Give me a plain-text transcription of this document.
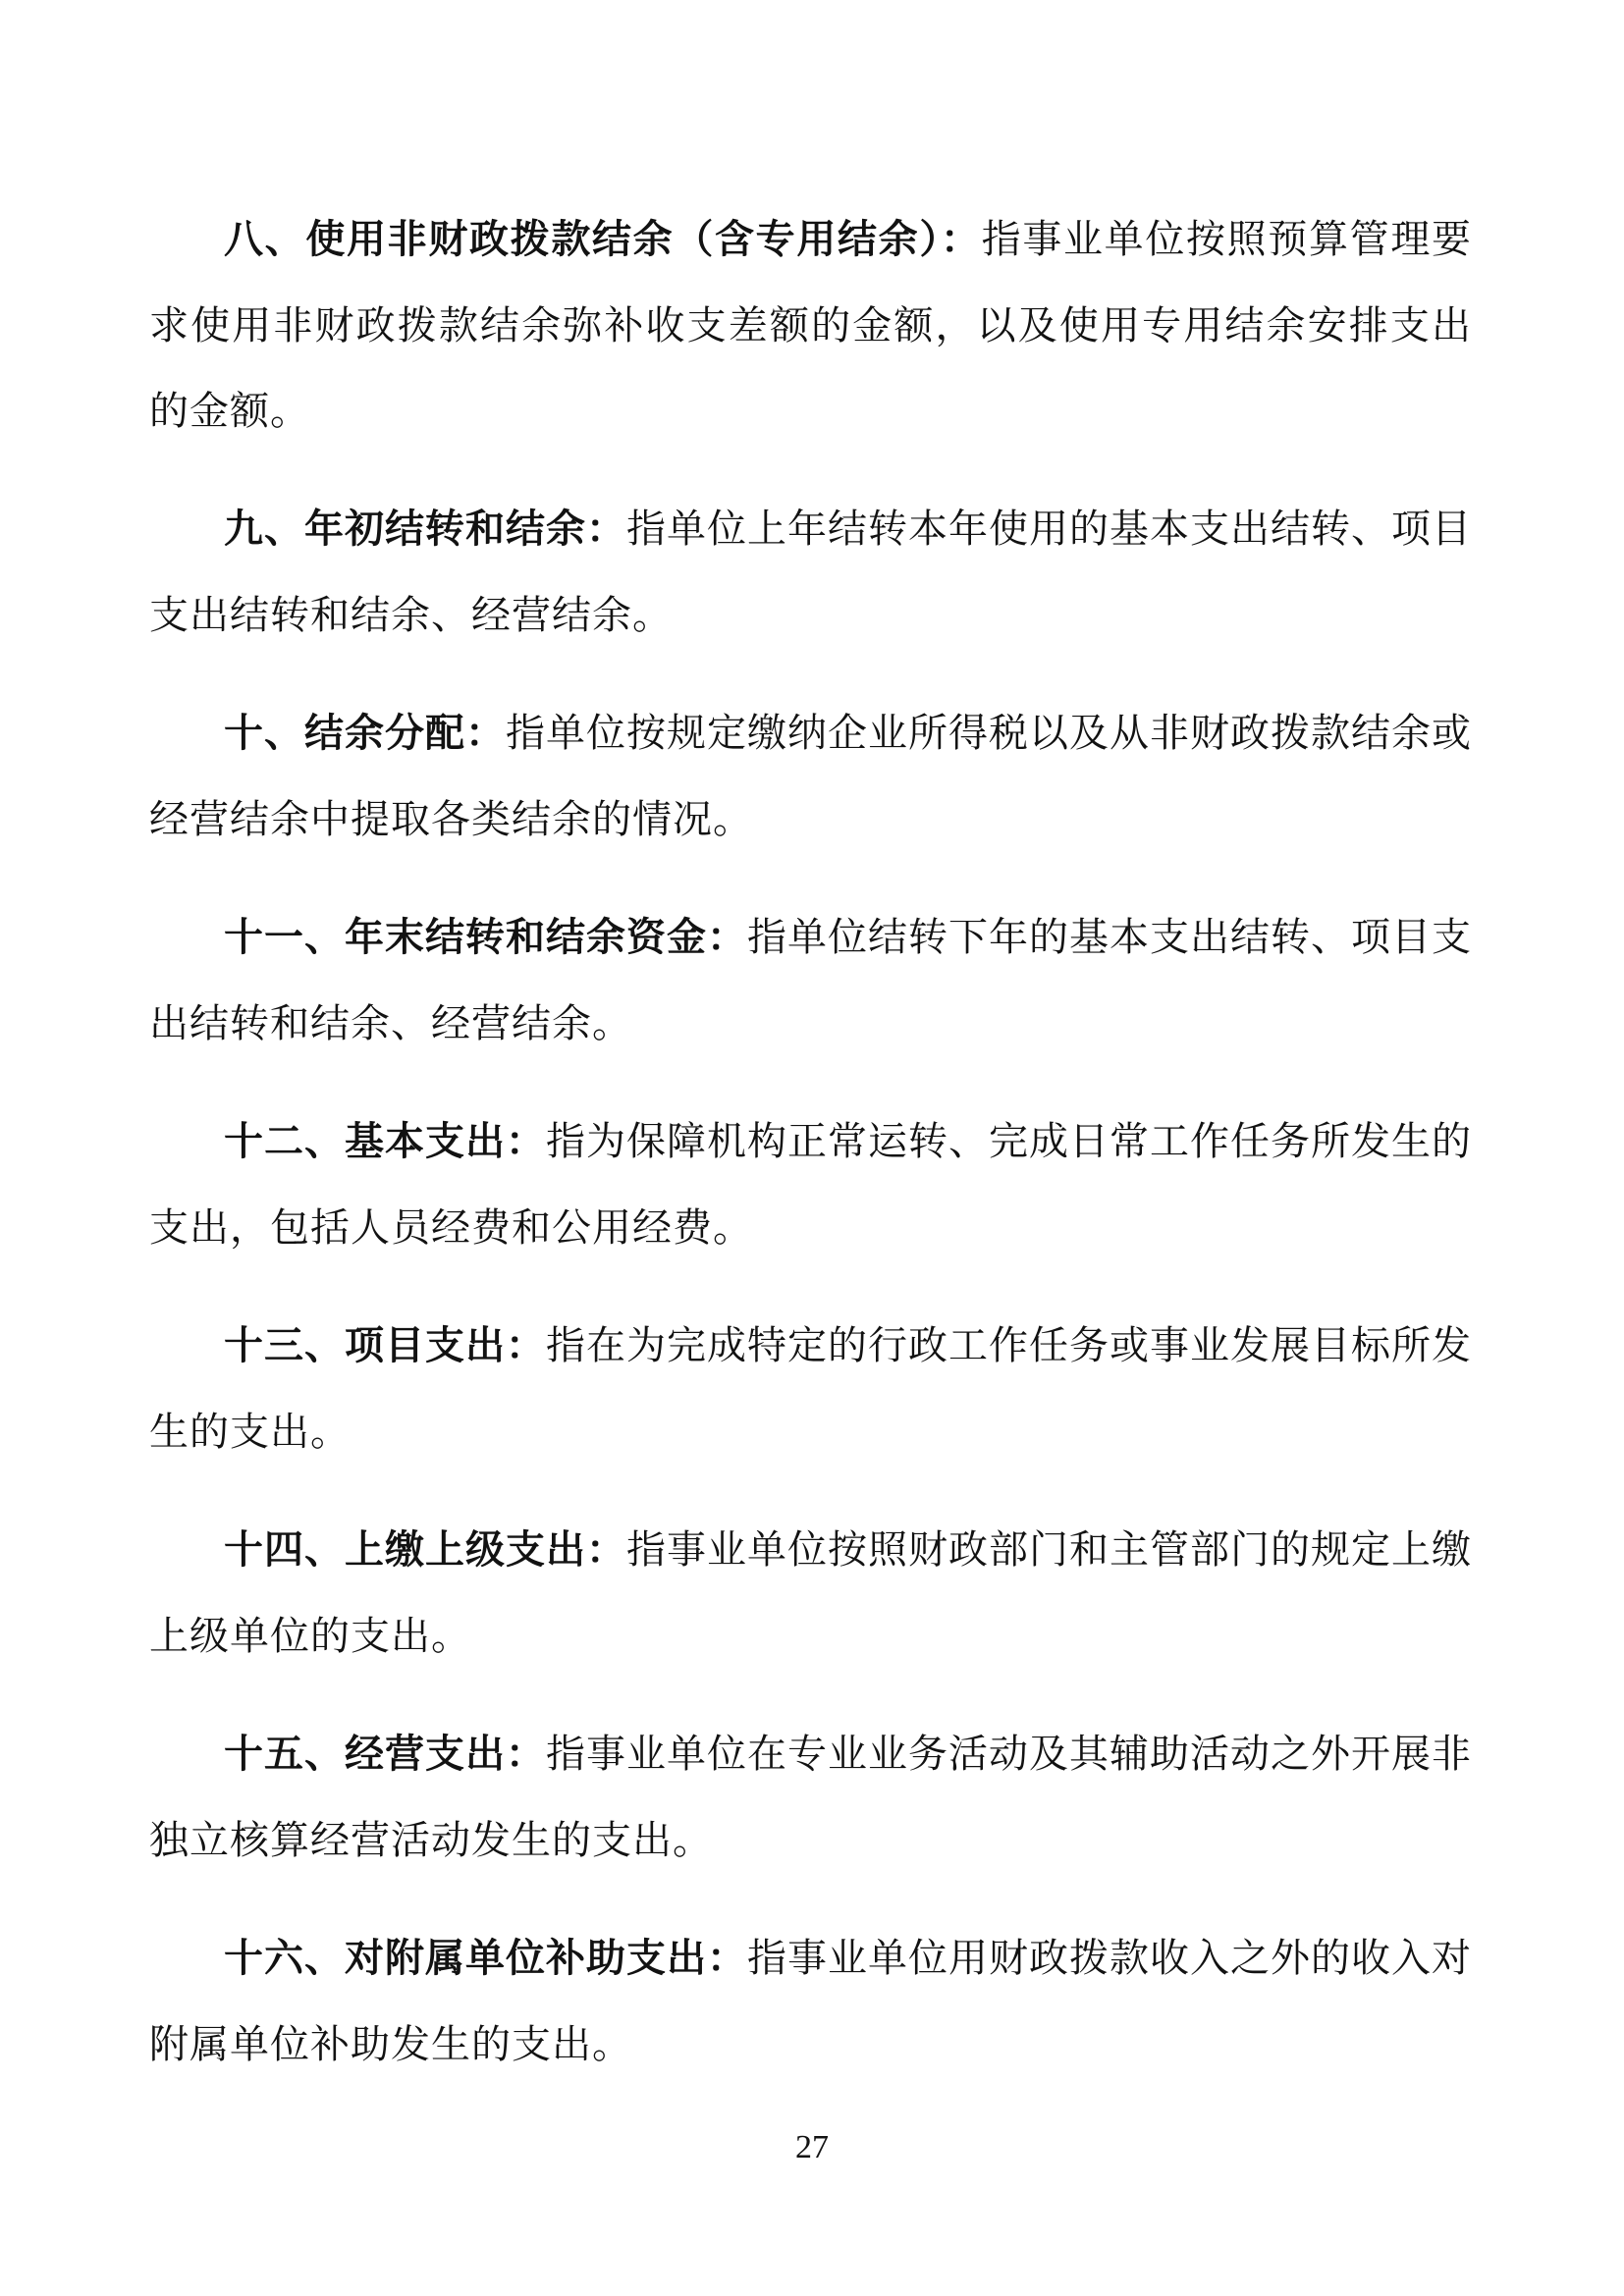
八、使用非财政拨款结余（含专用结余）：指事业单位按照预算管理要求使用非财政拨款结余弥补收支差额的金额，以及使用专用结余安排支出的金额。

九、年初结转和结余：指单位上年结转本年使用的基本支出结转、项目支出结转和结余、经营结余。

十、结余分配：指单位按规定缴纳企业所得税以及从非财政拨款结余或经营结余中提取各类结余的情况。

十一、年末结转和结余资金：指单位结转下年的基本支出结转、项目支出结转和结余、经营结余。

十二、基本支出：指为保障机构正常运转、完成日常工作任务所发生的支出，包括人员经费和公用经费。

十三、项目支出：指在为完成特定的行政工作任务或事业发展目标所发生的支出。

十四、上缴上级支出：指事业单位按照财政部门和主管部门的规定上缴上级单位的支出。

十五、经营支出：指事业单位在专业业务活动及其辅助活动之外开展非独立核算经营活动发生的支出。

十六、对附属单位补助支出：指事业单位用财政拨款收入之外的收入对附属单位补助发生的支出。

27
